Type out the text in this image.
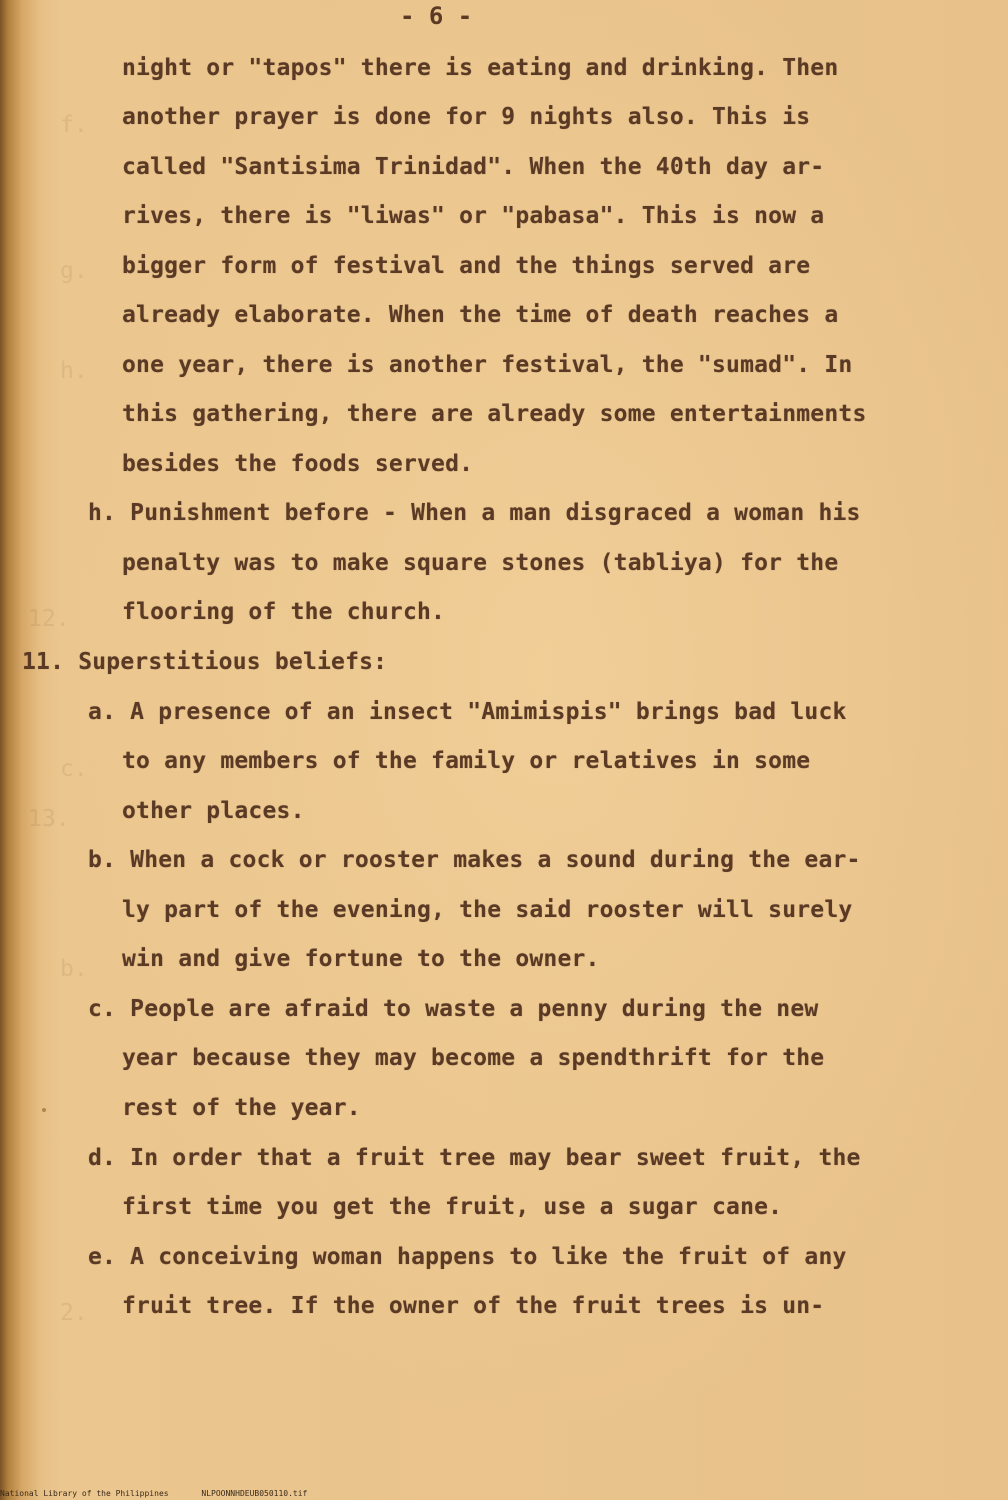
f.
g.
h.
12.
c.
13.
b.
2.
- 6 -
night or "tapos" there is eating and drinking. Then
another prayer is done for 9 nights also. This is
called "Santisima Trinidad". When the 40th day ar-
rives, there is "liwas" or "pabasa". This is now a
bigger form of festival and the things served are
already elaborate. When the time of death reaches a
one year, there is another festival, the "sumad". In
this gathering, there are already some entertainments
besides the foods served.
h. Punishment before - When a man disgraced a woman his
penalty was to make square stones (tabliya) for the
flooring of the church.
11. Superstitious beliefs:
a. A presence of an insect "Amimispis" brings bad luck
to any members of the family or relatives in some
other places.
b. When a cock or rooster makes a sound during the ear-
ly part of the evening, the said rooster will surely
win and give fortune to the owner.
c. People are afraid to waste a penny during the new
year because they may become a spendthrift for the
rest of the year.
d. In order that a fruit tree may bear sweet fruit, the
first time you get the fruit, use a sugar cane.
e. A conceiving woman happens to like the fruit of any
fruit tree. If the owner of the fruit trees is un-
National Library of the Philippines	NLPOONNHDEUB050110.tif
